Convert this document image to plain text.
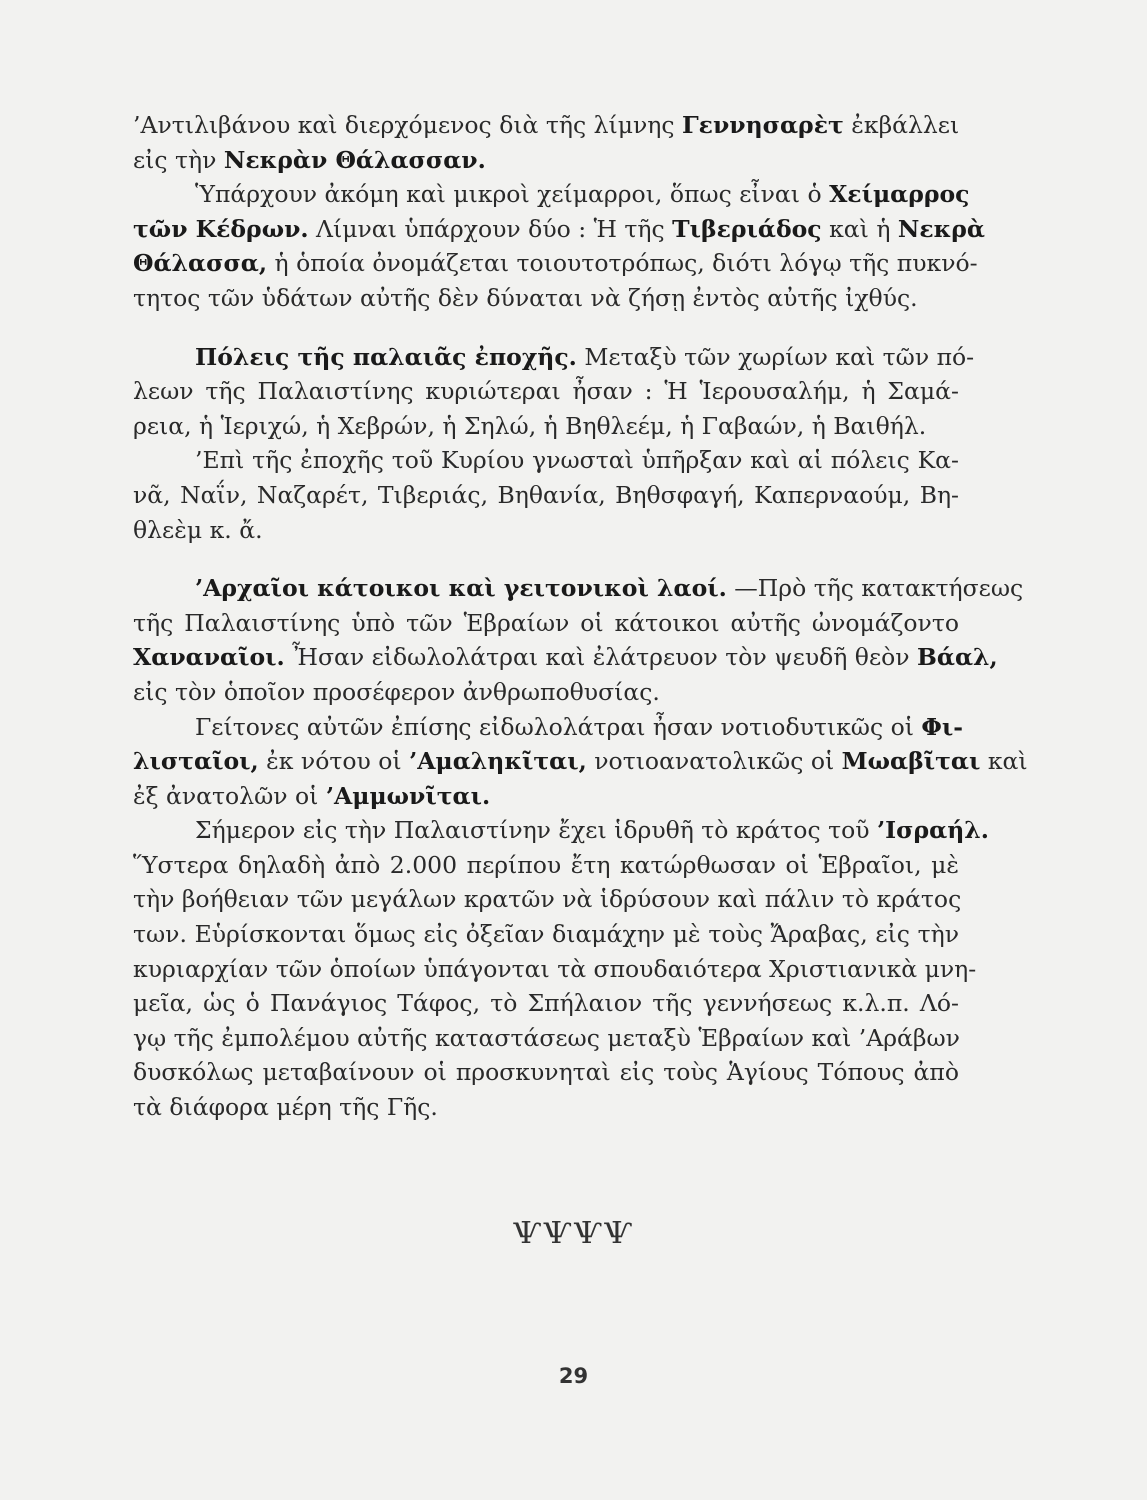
’Αντιλιβάνου καὶ διερχόμενος διὰ τῆς λίμνης Γεννησαρὲτ ἐκβάλλει
εἰς τὴν Νεκρὰν Θάλασσαν.
Ὑπάρχουν ἀκόμη καὶ μικροὶ χείμαρροι, ὅπως εἶναι ὁ Χείμαρρος
τῶν Κέδρων. Λίμναι ὑπάρχουν δύο : Ἡ τῆς Τιβεριάδος καὶ ἡ Νεκρὰ
Θάλασσα, ἡ ὁποία ὀνομάζεται τοιουτοτρόπως, διότι λόγῳ τῆς πυκνό-
τητος τῶν ὑδάτων αὐτῆς δὲν δύναται νὰ ζήσῃ ἐντὸς αὐτῆς ἰχθύς.
Πόλεις τῆς παλαιᾶς ἐποχῆς. Μεταξὺ τῶν χωρίων καὶ τῶν πό-
λεων τῆς Παλαιστίνης κυριώτεραι ἦσαν : Ἡ Ἱερουσαλήμ, ἡ Σαμά-
ρεια, ἡ Ἱεριχώ, ἡ Χεβρών, ἡ Σηλώ, ἡ Βηθλεέμ, ἡ Γαβαών, ἡ Βαιθήλ.
’Επὶ τῆς ἐποχῆς τοῦ Κυρίου γνωσταὶ ὑπῆρξαν καὶ αἱ πόλεις Κα-
νᾶ, Ναΐν, Ναζαρέτ, Τιβεριάς, Βηθανία, Βηθσφαγή, Καπερναούμ, Βη-
θλεὲμ κ. ἄ.
’Αρχαῖοι κάτοικοι καὶ γειτονικοὶ λαοί. —Πρὸ τῆς κατακτήσεως
τῆς Παλαιστίνης ὑπὸ τῶν Ἑβραίων οἱ κάτοικοι αὐτῆς ὠνομάζοντο
Χαναναῖοι. Ἦσαν εἰδωλολάτραι καὶ ἐλάτρευον τὸν ψευδῆ θεὸν Βάαλ,
εἰς τὸν ὁποῖον προσέφερον ἀνθρωποθυσίας.
Γείτονες αὐτῶν ἐπίσης εἰδωλολάτραι ἦσαν νοτιοδυτικῶς οἱ Φι-
λισταῖοι, ἐκ νότου οἱ ’Αμαληκῖται, νοτιοανατολικῶς οἱ Μωαβῖται καὶ
ἐξ ἀνατολῶν οἱ ’Αμμωνῖται.
Σήμερον εἰς τὴν Παλαιστίνην ἔχει ἱδρυθῆ τὸ κράτος τοῦ ’Ισραήλ.
Ὕστερα δηλαδὴ ἀπὸ 2.000 περίπου ἔτη κατώρθωσαν οἱ Ἑβραῖοι, μὲ
τὴν βοήθειαν τῶν μεγάλων κρατῶν νὰ ἱδρύσουν καὶ πάλιν τὸ κράτος
των. Εὑρίσκονται ὅμως εἰς ὀξεῖαν διαμάχην μὲ τοὺς Ἄραβας, εἰς τὴν
κυριαρχίαν τῶν ὁποίων ὑπάγονται τὰ σπουδαιότερα Χριστιανικὰ μνη-
μεῖα, ὡς ὁ Πανάγιος Τάφος, τὸ Σπήλαιον τῆς γεννήσεως κ.λ.π. Λό-
γῳ τῆς ἐμπολέμου αὐτῆς καταστάσεως μεταξὺ Ἑβραίων καὶ ’Αράβων
δυσκόλως μεταβαίνουν οἱ προσκυνηταὶ εἰς τοὺς Ἁγίους Τόπους ἀπὸ
τὰ διάφορα μέρη τῆς Γῆς.
ѰѰѰѰ
29
